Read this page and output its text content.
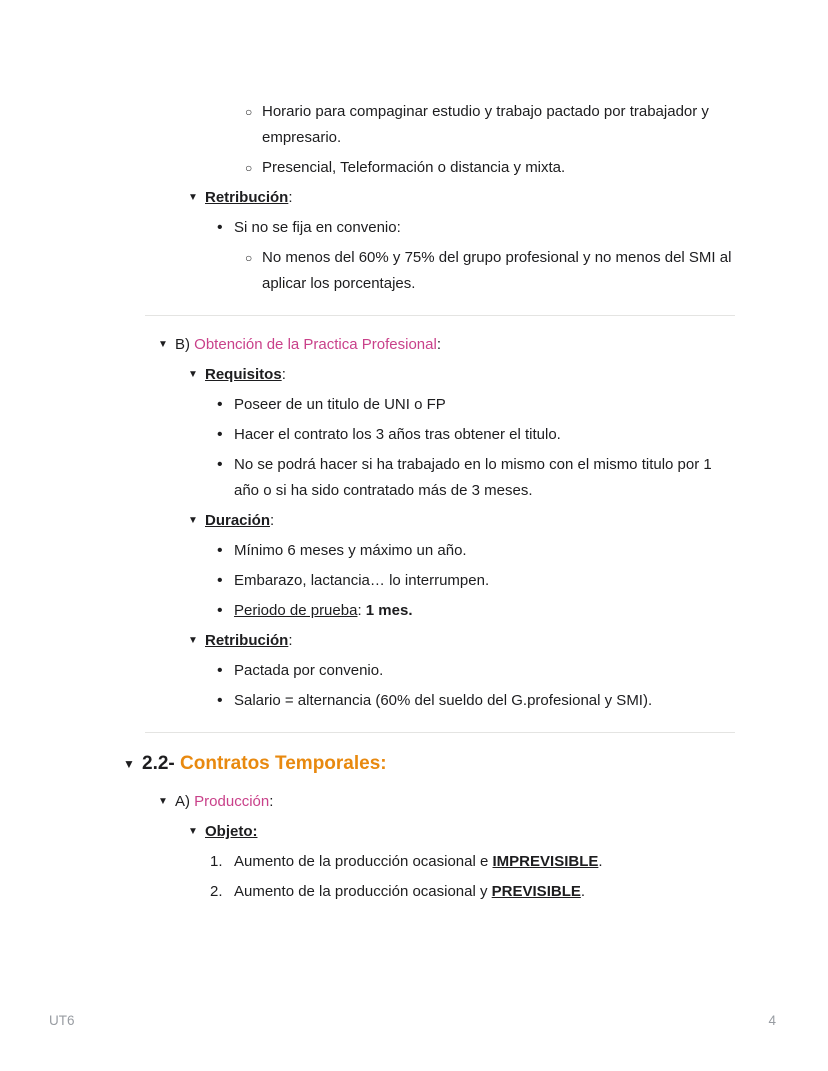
○ Horario para compaginar estudio y trabajo pactado por trabajador y empresario.
○ Presencial, Teleformación o distancia y mixta.
▼ Retribución:
• Si no se fija en convenio:
○ No menos del 60% y 75% del grupo profesional y no menos del SMI al aplicar los porcentajes.
▼ B) Obtención de la Practica Profesional:
▼ Requisitos:
• Poseer de un titulo de UNI o FP
• Hacer el contrato los 3 años tras obtener el titulo.
• No se podrá hacer si ha trabajado en lo mismo con el mismo titulo por 1 año o si ha sido contratado más de 3 meses.
▼ Duración:
• Mínimo 6 meses y máximo un año.
• Embarazo, lactancia… lo interrumpen.
• Periodo de prueba: 1 mes.
▼ Retribución:
• Pactada por convenio.
• Salario = alternancia (60% del sueldo del G.profesional y SMI).
▼ 2.2- Contratos Temporales:
▼ A) Producción:
▼ Objeto:
1. Aumento de la producción ocasional e IMPREVISIBLE.
2. Aumento de la producción ocasional y PREVISIBLE.
UT6	4
